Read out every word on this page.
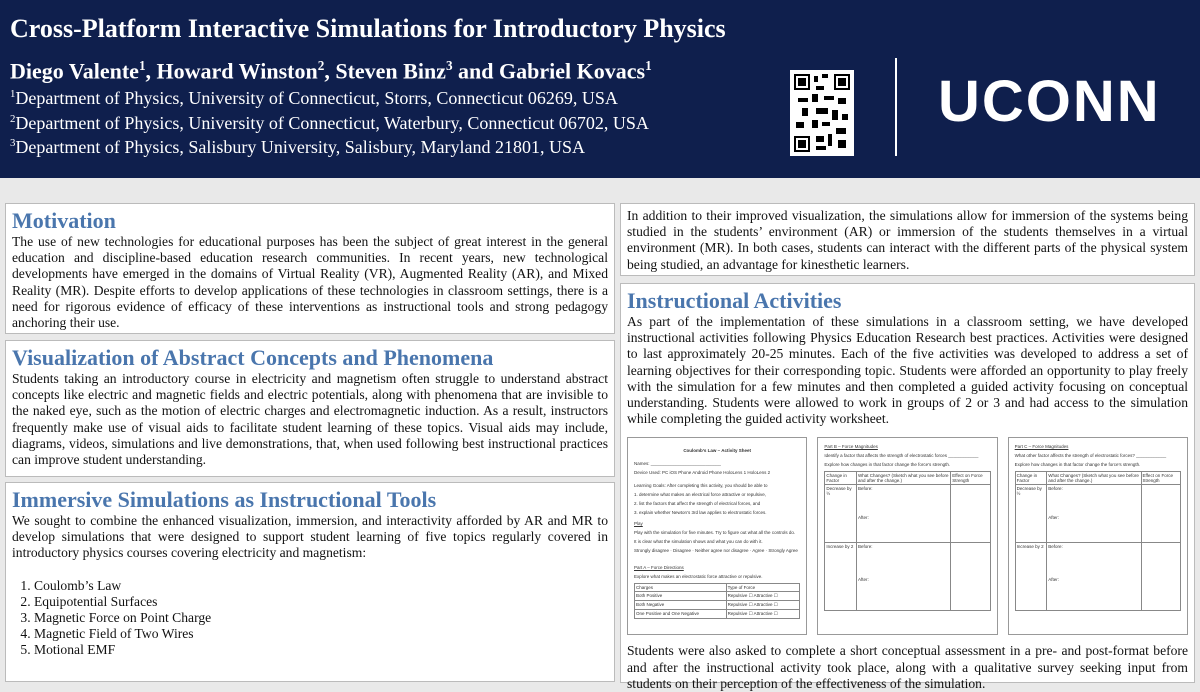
Cross-Platform Interactive Simulations for Introductory Physics
Diego Valente$^1$, Howard Winston$^2$, Steven Binz$^3$ and Gabriel Kovacs$^1$
$^1$Department of Physics, University of Connecticut, Storrs, Connecticut 06269, USA
$^2$Department of Physics, University of Connecticut, Waterbury, Connecticut 06702, USA
$^3$Department of Physics, Salisbury University, Salisbury, Maryland 21801, USA
UCONN
Motivation

The use of new technologies for educational purposes has been the subject of great interest in the general education and discipline-based education research communities. In recent years, new technological developments have emerged in the domains of Virtual Reality (VR), Augmented Reality (AR), and Mixed Reality (MR). Despite efforts to develop applications of these technologies in classroom settings, there is a need for rigorous evidence of efficacy of these interventions as instructional tools and strong pedagogy anchoring their use.

Visualization of Abstract Concepts and Phenomena

Students taking an introductory course in electricity and magnetism often struggle to understand abstract concepts like electric and magnetic fields and electric potentials, along with phenomena that are invisible to the naked eye, such as the motion of electric charges and electromagnetic induction. As a result, instructors frequently make use of visual aids to facilitate student learning of these topics. Visual aids may include, diagrams, videos, simulations and live demonstrations, that, when used following best instructional practices can improve student understanding.

Immersive Simulations as Instructional Tools

We sought to combine the enhanced visualization, immersion, and interactivity afforded by AR and MR to develop simulations that were designed to support student learning of five topics regularly covered in introductory physics courses covering electricity and magnetism:

1. Coulomb’s Law
2. Equipotential Surfaces
3. Magnetic Force on Point Charge
4. Magnetic Field of Two Wires
5. Motional EMF

In addition to their improved visualization, the simulations allow for immersion of the systems being studied in the students’ environment (AR) or immersion of the students themselves in a virtual environment (MR). In both cases, students can interact with the different parts of the physical system being studied, an advantage for kinesthetic learners.

Instructional Activities

As part of the implementation of these simulations in a classroom setting, we have developed instructional activities following Physics Education Research best practices. Activities were designed to last approximately 20-25 minutes. Each of the five activities was developed to address a set of learning objectives for their corresponding topic. Students were afforded an opportunity to play freely with the simulation for a few minutes and then completed a guided activity focusing on conceptual understanding. Students were allowed to work in groups of 2 or 3 and had access to the simulation while completing the guided activity worksheet.

Coulomb’s Law – Activity Sheet
Names: ____________________________
Device Used: PC iOS Phone Android Phone HoloLens 1 HoloLens 2
Learning Goals: After completing this activity, you should be able to
1. determine what makes an electrical force attractive or repulsive,
2. list the factors that affect the strength of electrical forces, and
3. explain whether Newton’s 3rd law applies to electrostatic forces.
Play
Play with the simulation for five minutes. Try to figure out what all the controls do.
It is clear what the simulation shows and what you can do with it.
Strongly disagree · Disagree · Neither agree nor disagree · Agree · Strongly Agree
Part A – Force Directions
Explore what makes an electrostatic force attractive or repulsive.
Charges	Type of Force
Both Positive	Repulsive ☐ Attractive ☐
Both Negative	Repulsive ☐ Attractive ☐
One Positive and One Negative	Repulsive ☐ Attractive ☐
Part B – Force Magnitudes
Identify a factor that affects the strength of electrostatic forces ____________
Explore how changes in that factor change the force’s strength.
Change in Factor	What Changes? (Sketch what you see before and after the change.)	Effect on Force Strength
Decrease by ½	Before:
After:	

Increase by 2	Before:
After:	

Part C – Force Magnitudes
What other factor affects the strength of electrostatic forces? ____________
Explore how changes in that factor change the force’s strength.
Change in Factor	What Changes? (Sketch what you see before and after the change.)	Effect on Force Strength
Decrease by ½	Before:
After:	

Increase by 2	Before:
After:	

Students were also asked to complete a short conceptual assessment in a pre- and post-format before and after the instructional activity took place, along with a qualitative survey seeking input from students on their perception of the effectiveness of the simulation.
